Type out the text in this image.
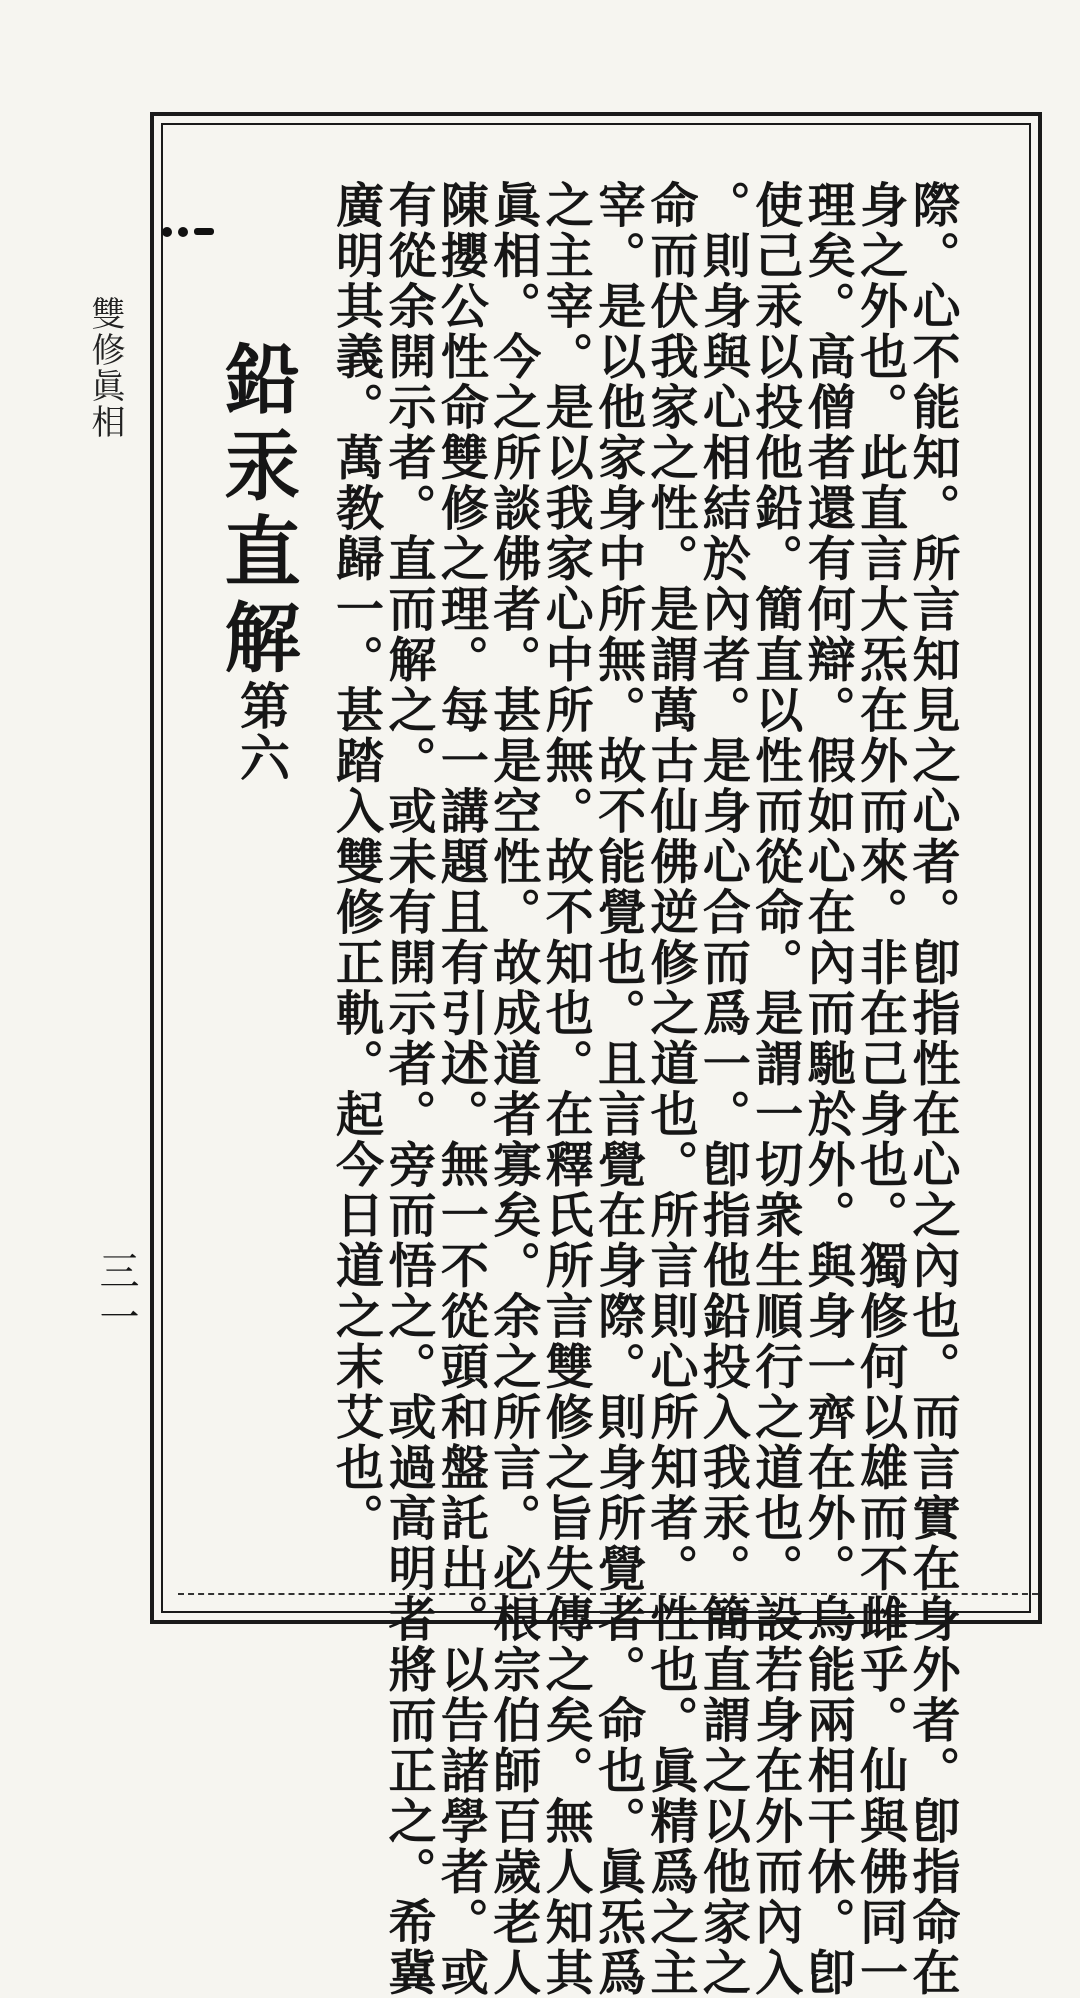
雙修眞相
三一
鉛汞直解
第六	際。心不能知。所言知見之心者。卽指性在心之內也。而言實在身外者。卽指命在
身之外也。此直言大炁在外而來。非在己身也。獨修何以雄而不雌乎。仙與佛同一
理矣。高僧者還有何辯。假如心在內而馳於外。與身一齊在外。烏能兩相干休。卽
使己汞以投他鉛。簡直以性而從命。是謂一切衆生順行之道也。設若身在外而內入
。則身與心相結於內者。是身心合而爲一。卽指他鉛投入我汞。簡直謂之以他家之
命而伏我家之性。是謂萬古仙佛逆修之道也。所言則心所知者。性也。眞精爲之主
宰。是以他家身中所無。故不能覺也。且言覺在身際。則身所覺者。命也。眞炁爲
之主宰。是以我家心中所無。故不知也。在釋氏所言雙修之旨失傳之矣。無人知其
眞相。今之所談佛者。甚是空性。故成道者寡矣。余之所言。必根宗伯師百歲老人
陳攖公性命雙修之理。每一講題且有引述。無一不從頭和盤託出。以告諸學者。或
有從余開示者。直而解之。或未有開示者。旁而悟之。或過高明者將而正之。希冀
廣明其義。萬教歸一。甚踏入雙修正軌。起今日道之末艾也。
